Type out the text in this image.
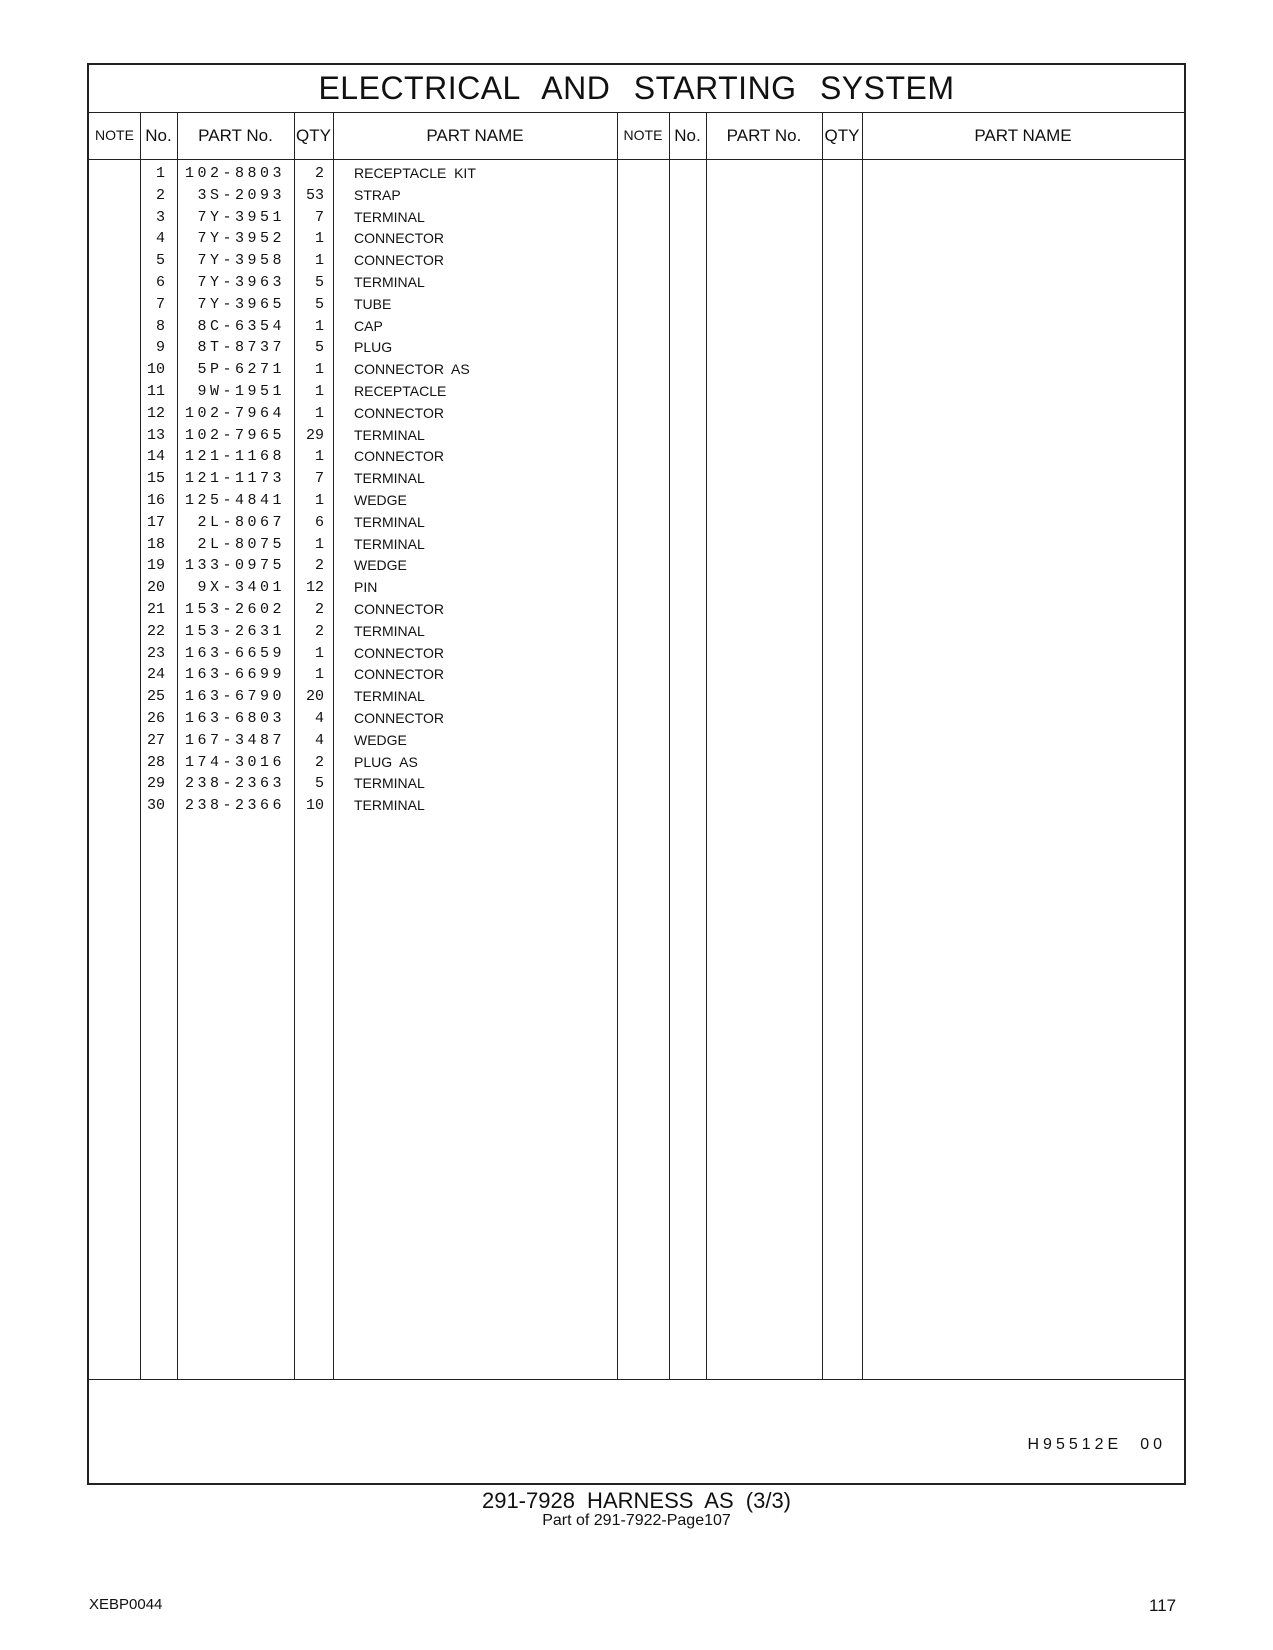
ELECTRICAL AND STARTING SYSTEM
NOTE No.	PART No.	QTY	PART NAME	NOTE No.	PART No.	QTY	PART NAME
1	102-8803	2 RECEPTACLE  KIT
2	3S-2093	53 STRAP
3	7Y-3951	7 TERMINAL
4	7Y-3952	1 CONNECTOR
5	7Y-3958	1 CONNECTOR
6	7Y-3963	5 TERMINAL
7	7Y-3965	5 TUBE
8	8C-6354	1 CAP
9	8T-8737	5 PLUG
10	5P-6271	1 CONNECTOR  AS
11	9W-1951	1 RECEPTACLE
12	102-7964	1 CONNECTOR
13	102-7965	29 TERMINAL
14	121-1168	1 CONNECTOR
15	121-1173	7 TERMINAL
16	125-4841	1 WEDGE
17	2L-8067	6 TERMINAL
18	2L-8075	1 TERMINAL
19	133-0975	2 WEDGE
20	9X-3401	12 PIN
21	153-2602	2 CONNECTOR
22	153-2631	2 TERMINAL
23	163-6659	1 CONNECTOR
24	163-6699	1 CONNECTOR
25	163-6790	20 TERMINAL
26	163-6803	4 CONNECTOR
27	167-3487	4 WEDGE
28	174-3016	2 PLUG  AS
29	238-2363	5 TERMINAL
30	238-2366	10 TERMINAL
H95512E 00
291-7928 HARNESS AS (3/3)
Part of 291-7922-Page107
XEBP0044	117
